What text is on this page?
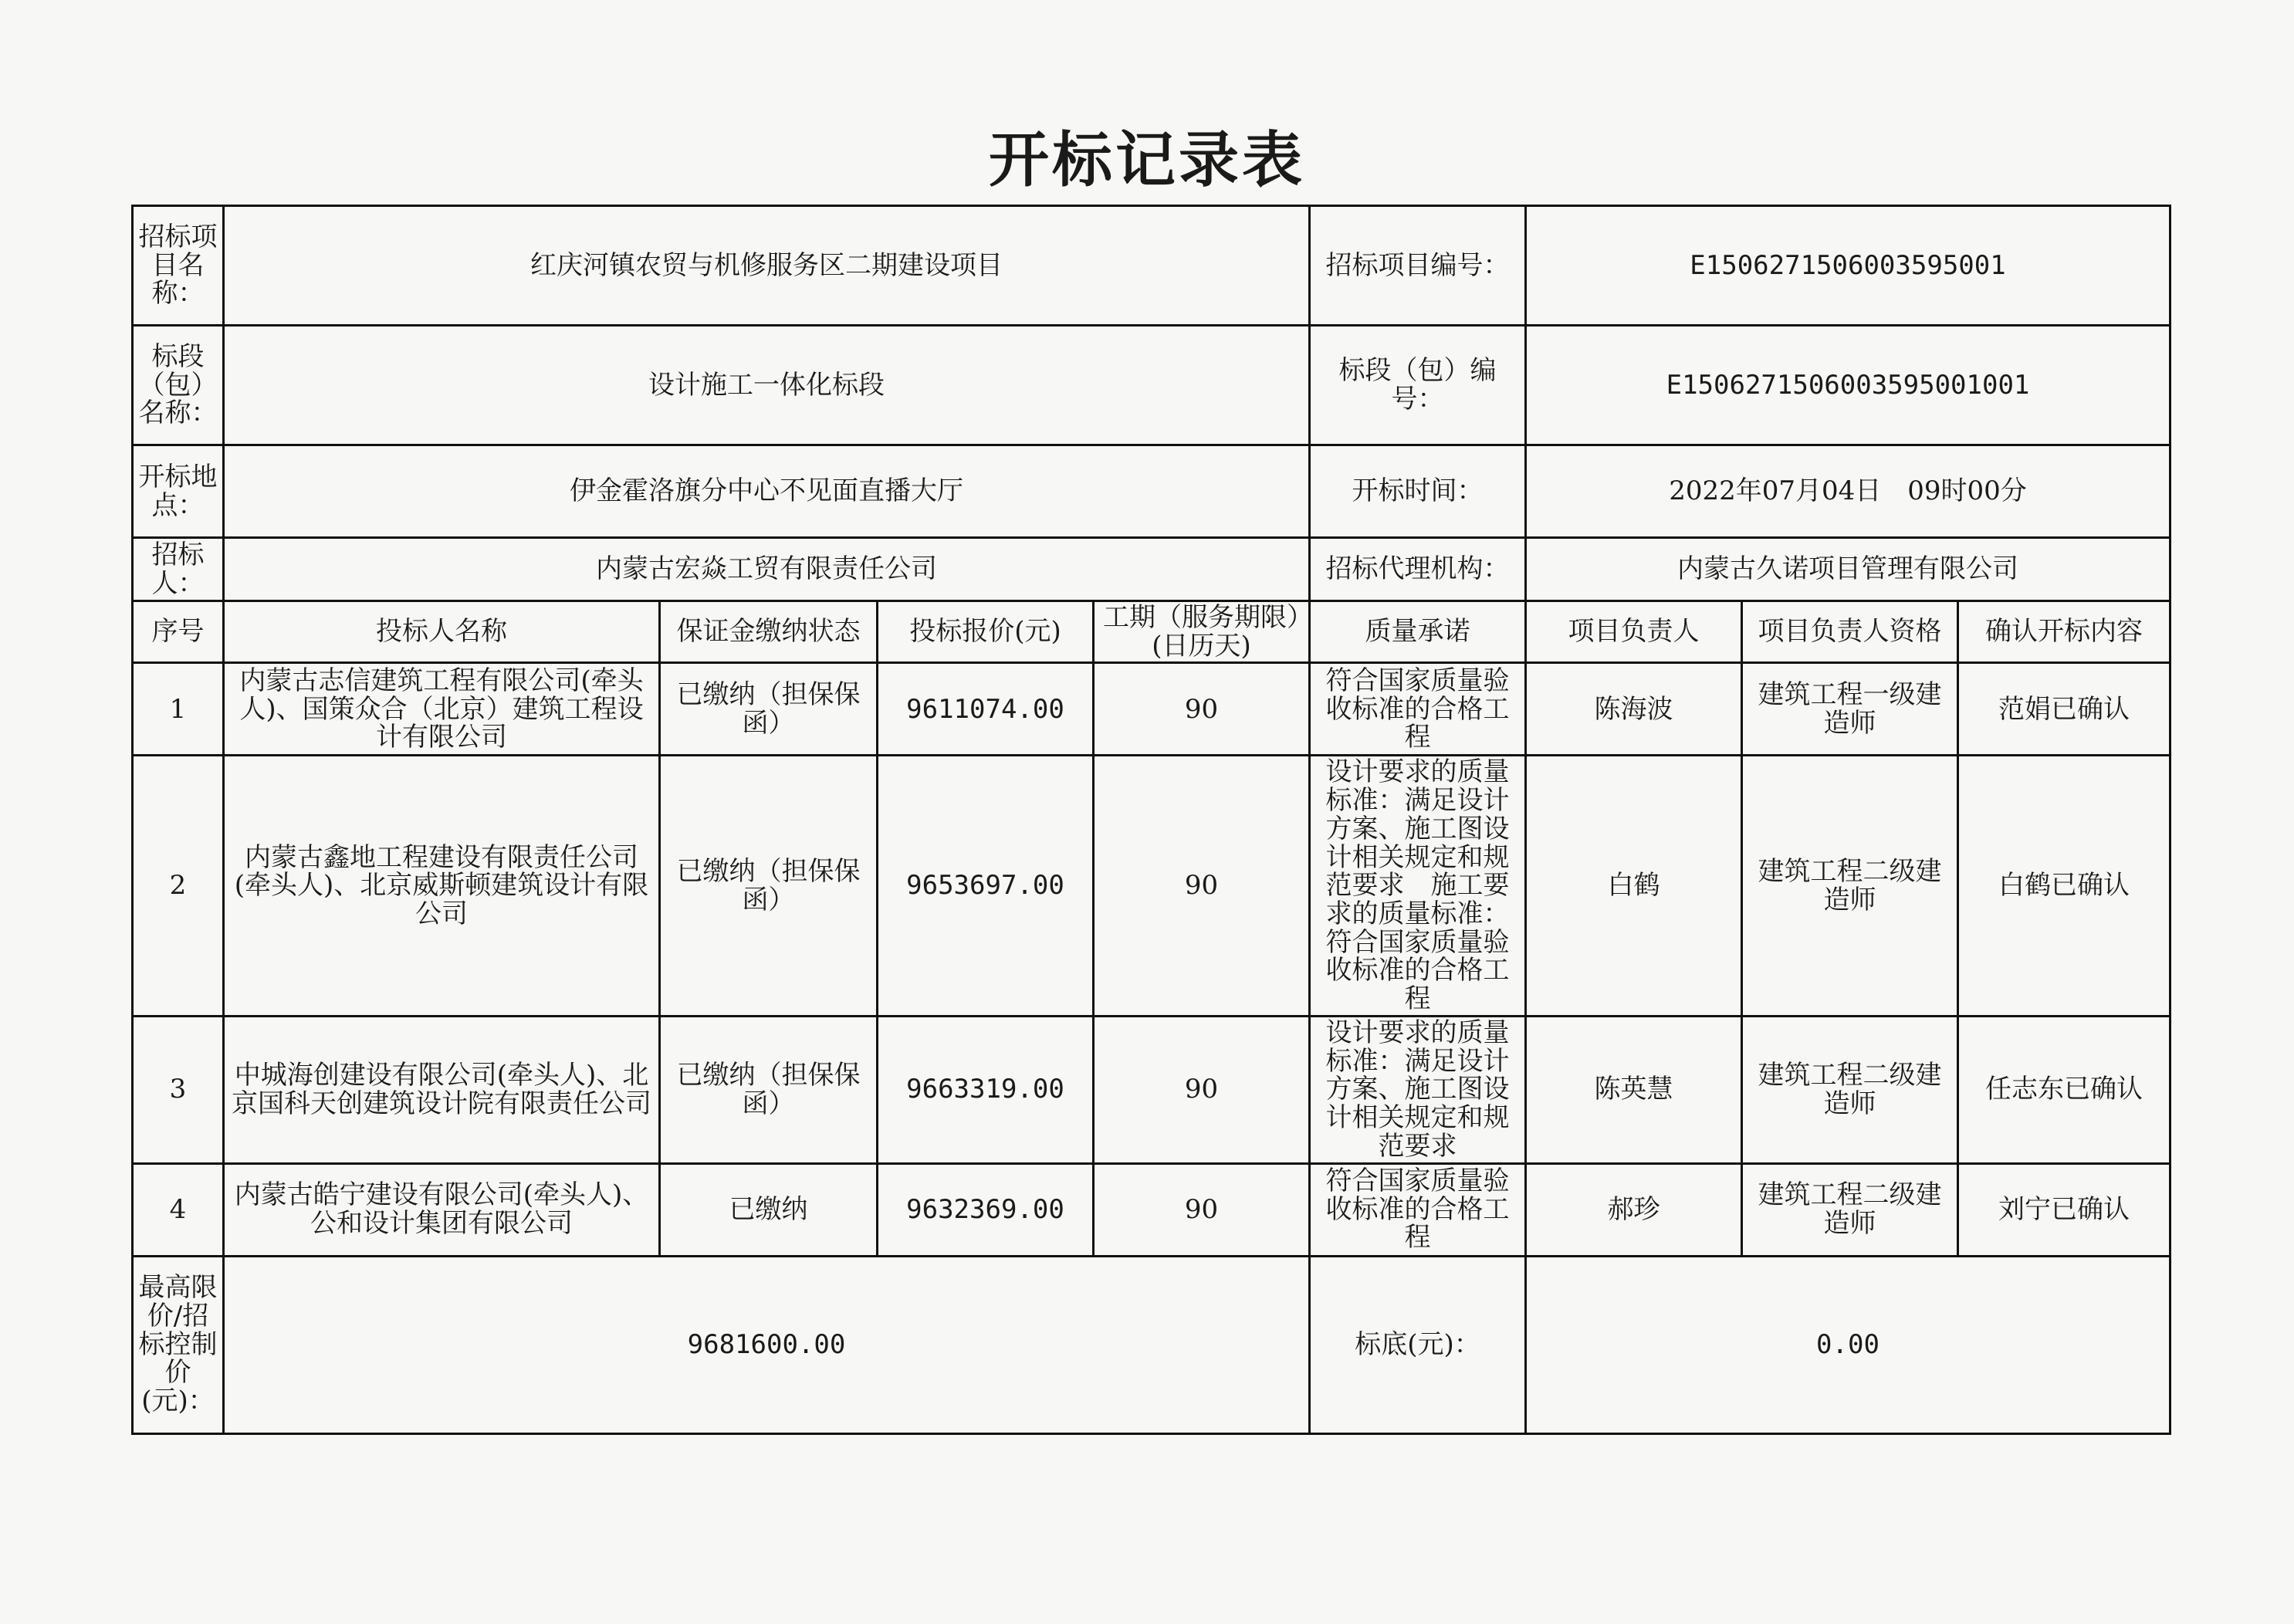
开标记录表
招标项目名称：	红庆河镇农贸与机修服务区二期建设项目				招标项目编号：	E1506271506003595001		
标段（包）名称：	设计施工一体化标段				标段（包）编号：	E1506271506003595001001		
开标地点：	伊金霍洛旗分中心不见面直播大厅				开标时间：	2022年07月04日　09时00分		
招标人：	内蒙古宏焱工贸有限责任公司				招标代理机构：	内蒙古久诺项目管理有限公司		
序号	投标人名称	保证金缴纳状态	投标报价(元)	工期（服务期限）(日历天)	质量承诺	项目负责人	项目负责人资格	确认开标内容
1	内蒙古志信建筑工程有限公司(牵头人)、国策众合（北京）建筑工程设计有限公司	已缴纳（担保保函）	9611074.00	90	符合国家质量验收标准的合格工程	陈海波	建筑工程一级建造师	范娟已确认
2	内蒙古鑫地工程建设有限责任公司(牵头人)、北京威斯顿建筑设计有限公司	已缴纳（担保保函）	9653697.00	90	设计要求的质量标准：满足设计方案、施工图设计相关规定和规范要求　施工要求的质量标准：符合国家质量验收标准的合格工程	白鹤	建筑工程二级建造师	白鹤已确认
3	中城海创建设有限公司(牵头人)、北京国科天创建筑设计院有限责任公司	已缴纳（担保保函）	9663319.00	90	设计要求的质量标准：满足设计方案、施工图设计相关规定和规范要求	陈英慧	建筑工程二级建造师	任志东已确认
4	内蒙古皓宁建设有限公司(牵头人)、公和设计集团有限公司	已缴纳	9632369.00	90	符合国家质量验收标准的合格工程	郝珍	建筑工程二级建造师	刘宁已确认
最高限价/招标控制价(元)：	9681600.00				标底(元)：	0.00		
